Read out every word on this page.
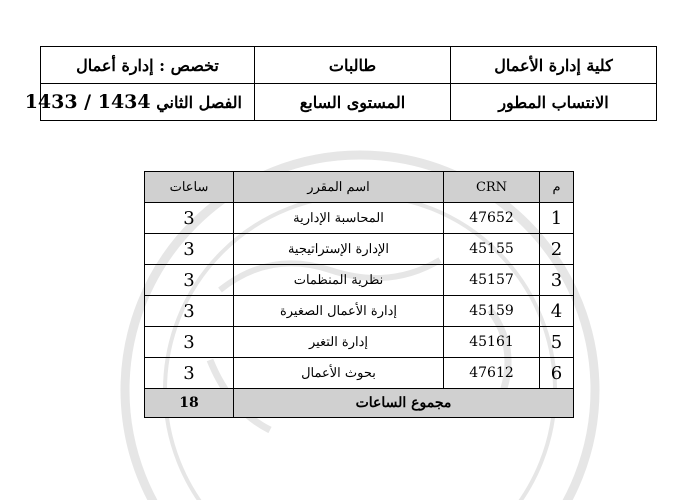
كلية إدارة الأعمال	طالبات	تخصص : إدارة أعمال
الانتساب المطور	المستوى السابع	الفصل الثاني 1433 / 1434
م	CRN	اسم المقرر	ساعات
1	47652	المحاسبة الإدارية	3
2	45155	الإدارة الإستراتيجية	3
3	45157	نظرية المنظمات	3
4	45159	إدارة الأعمال الصغيرة	3
5	45161	إدارة التغير	3
6	47612	بحوث الأعمال	3
مجموع الساعات			18
